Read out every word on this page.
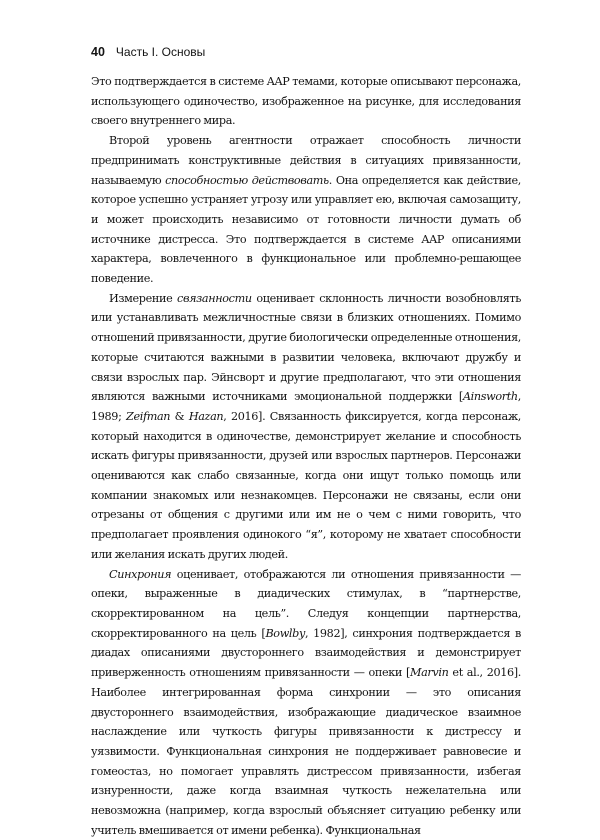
40 Часть I. Основы

Это подтверждается в системе AAP темами, которые описывают персонажа, использующего одиночество, изображенное на рисунке, для исследования своего внутреннего мира.

Второй уровень агентности отражает способность личности предпринимать конструктивные действия в ситуациях привязанности, называемую способностью действовать. Она определяется как действие, которое успешно устраняет угрозу или управляет ею, включая самозащиту, и может происходить независимо от готовности личности думать об источнике дистресса. Это подтверждается в системе AAP описаниями характера, вовлеченного в функциональное или проблемно-решающее поведение.

Измерение связанности оценивает склонность личности возобновлять или устанавливать межличностные связи в близких отношениях. Помимо отношений привязанности, другие биологически определенные отношения, которые считаются важными в развитии человека, включают дружбу и связи взрослых пар. Эйнсворт и другие предполагают, что эти отношения являются важными источниками эмоциональной поддержки [Ainsworth, 1989; Zeifman & Hazan, 2016]. Связанность фиксируется, когда персонаж, который находится в одиночестве, демонстрирует желание и способность искать фигуры привязанности, друзей или взрослых партнеров. Персонажи оцениваются как слабо связанные, когда они ищут только помощь или компании знакомых или незнакомцев. Персонажи не связаны, если они отрезаны от общения с другими или им не о чем с ними говорить, что предполагает проявления одинокого “я”, которому не хватает способности или желания искать других людей.

Синхрония оценивает, отображаются ли отношения привязанности — опеки, выраженные в диадических стимулах, в “партнерстве, скорректированном на цель”. Следуя концепции партнерства, скорректированного на цель [Bowlby, 1982], синхрония подтверждается в диадах описаниями двустороннего взаимодействия и демонстрирует приверженность отношениям привязанности — опеки [Marvin et al., 2016]. Наиболее интегрированная форма синхронии — это описания двустороннего взаимодействия, изображающие диадическое взаимное наслаждение или чуткость фигуры привязанности к дистрессу и уязвимости. Функциональная синхрония не поддерживает равновесие и гомеостаз, но помогает управлять дистрессом привязанности, избегая изнуренности, даже когда взаимная чуткость нежелательна или невозможна (например, когда взрослый объясняет ситуацию ребенку или учитель вмешивается от имени ребенка). Функциональная
